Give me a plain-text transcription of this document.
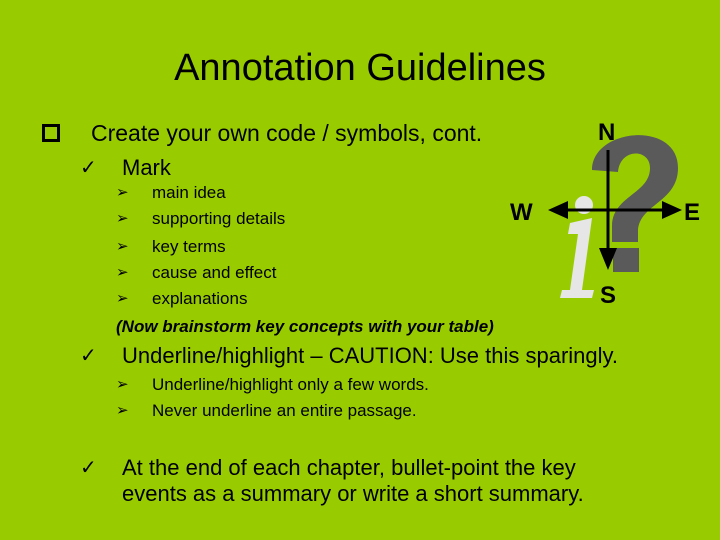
Annotation Guidelines
Create your own code / symbols, cont.
✓ Mark
➢ main idea
➢ supporting details
➢ key terms
➢ cause and effect
➢ explanations
(Now brainstorm key concepts with your table)
✓ Underline/highlight – CAUTION: Use this sparingly.
➢ Underline/highlight only a few words.
➢ Never underline an entire passage.
✓ At the end of each chapter, bullet-point the key
events as a summary or write a short summary.
N
W	E
S
